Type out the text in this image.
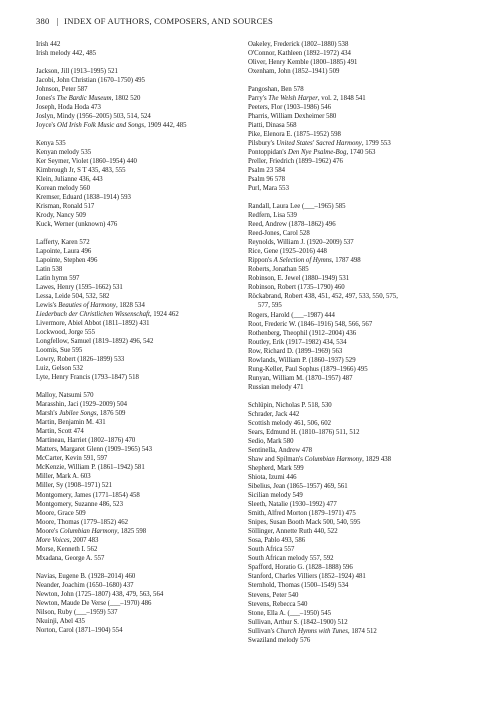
380 | INDEX OF AUTHORS, COMPOSERS, AND SOURCES
Irish 442
Irish melody 442, 485
Jackson, Jill (1913–1995) 521
Jacobi, John Christian (1670–1750) 495
Johnson, Peter 587
Jones's The Bardic Museum, 1802 520
Joseph, Hoda Hoda 473
Joslyn, Mindy (1956–2005) 503, 514, 524
Joyce's Old Irish Folk Music and Songs, 1909 442, 485
Kenya 535
Kenyan melody 535
Ker Seymer, Violet (1860–1954) 440
Kimbrough Jr, S T 435, 483, 555
Klein, Julianne 436, 443
Korean melody 560
Kremser, Eduard (1838–1914) 593
Krisman, Ronald 517
Krody, Nancy 509
Kuck, Werner (unknown) 476
Lafferty, Karen 572
Lapointe, Laura 496
Lapointe, Stephen 496
Latin 538
Latin hymn 597
Lawes, Henry (1595–1662) 531
Lessa, Leide 504, 532, 582
Lewis's Beauties of Harmony, 1828 534
Liederbuch der Christlichen Wissenschaft, 1924 462
Livermore, Abiel Abbot (1811–1892) 431
Lockwood, Jorge 555
Longfellow, Samuel (1819–1892) 496, 542
Loomis, Sue 595
Lowry, Robert (1826–1899) 533
Luiz, Gelson 532
Lyte, Henry Francis (1793–1847) 518
Malloy, Natsumi 570
Marasshin, Jaci (1929–2009) 504
Marsh's Jubilee Songs, 1876 509
Martin, Benjamin M. 431
Martin, Scott 474
Martineau, Harriet (1802–1876) 470
Matters, Margaret Glenn (1909–1965) 543
McCarter, Kevin 591, 597
McKenzie, William P. (1861–1942) 581
Miller, Mark A. 603
Miller, Sy (1908–1971) 521
Montgomery, James (1771–1854) 458
Montgomery, Suzanne 486, 523
Moore, Grace 509
Moore, Thomas (1779–1852) 462
Moore's Columbian Harmony, 1825 598
More Voices, 2007 483
Morse, Kenneth I. 562
Mxadana, George A. 557
Navias, Eugene B. (1928–2014) 460
Neander, Joachim (1650–1680) 437
Newton, John (1725–1807) 438, 479, 563, 564
Newton, Maude De Verse (___–1970) 486
Nilson, Ruby (___–1959) 537
Nkuinji, Abel 435
Norton, Carol (1871–1904) 554
Oakeley, Frederick (1802–1880) 538
O'Connor, Kathleen (1892–1972) 434
Oliver, Henry Kemble (1800–1885) 491
Oxenham, John (1852–1941) 509
Pangoshan, Ben 578
Parry's The Welsh Harper, vol. 2, 1848 541
Peeters, Flor (1903–1986) 546
Pharris, William Dexheimer 580
Piatti, Dinasa 568
Pike, Elenora E. (1875–1952) 598
Pilsbury's United States' Sacred Harmony, 1799 553
Pontoppidan's Den Nye Psalme-Bog, 1740 563
Preller, Friedrich (1899–1962) 476
Psalm 23 584
Psalm 96 578
Purl, Mara 553
Randall, Laura Lee (___–1965) 585
Redfern, Lisa 539
Reed, Andrew (1878–1862) 496
Reed-Jones, Carol 528
Reynolds, William J. (1920–2009) 537
Rice, Gene (1925–2016) 448
Rippon's A Selection of Hymns, 1787 498
Roberts, Jonathan 585
Robinson, E. Jewel (1880–1949) 531
Robinson, Robert (1735–1790) 460
Röckabrand, Robert 438, 451, 452, 497, 533, 550, 575,
577, 595
Rogers, Harold (___–1987) 444
Root, Frederic W. (1846–1916) 548, 566, 567
Rothenberg, Theophil (1912–2004) 436
Routley, Erik (1917–1982) 434, 534
Row, Richard D. (1899–1969) 563
Rowlands, William P. (1860–1937) 529
Rung-Keller, Paul Sophus (1879–1966) 495
Runyan, William M. (1870–1957) 487
Russian melody 471
Schlüpin, Nicholas P. 518, 530
Schrader, Jack 442
Scottish melody 461, 506, 602
Sears, Edmund H. (1810–1876) 511, 512
Sedio, Mark 580
Sentinella, Andrew 478
Shaw and Spilman's Columbian Harmony, 1829 438
Shepherd, Mark 599
Shiota, Izumi 446
Sibelius, Jean (1865–1957) 469, 561
Sicilian melody 549
Sleeth, Natalie (1930–1992) 477
Smith, Alfred Morton (1879–1971) 475
Snipes, Susan Booth Mack 500, 540, 595
Söllinger, Annette Ruth 440, 522
Sosa, Pablo 493, 586
South Africa 557
South African melody 557, 592
Spafford, Horatio G. (1828–1888) 596
Stanford, Charles Villiers (1852–1924) 481
Sternhold, Thomas (1500–1549) 534
Stevens, Peter 540
Stevens, Rebecca 540
Stone, Ella A. (___–1950) 545
Sullivan, Arthur S. (1842–1900) 512
Sullivan's Church Hymns with Tunes, 1874 512
Swaziland melody 576
